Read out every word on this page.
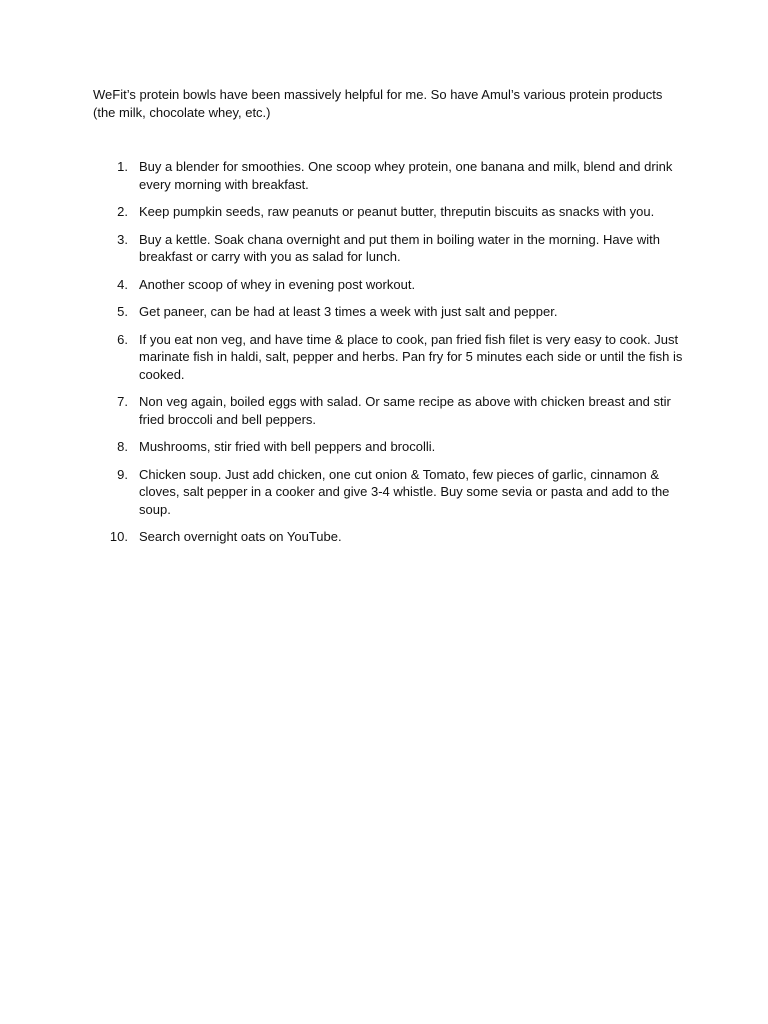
WeFit’s protein bowls have been massively helpful for me. So have Amul’s various protein products (the milk, chocolate whey, etc.)

1. Buy a blender for smoothies. One scoop whey protein, one banana and milk, blend and drink every morning with breakfast.
2. Keep pumpkin seeds, raw peanuts or peanut butter, threputin biscuits as snacks with you.
3. Buy a kettle. Soak chana overnight and put them in boiling water in the morning. Have with breakfast or carry with you as salad for lunch.
4. Another scoop of whey in evening post workout.
5. Get paneer, can be had at least 3 times a week with just salt and pepper.
6. If you eat non veg, and have time & place to cook, pan fried fish filet is very easy to cook. Just marinate fish in haldi, salt, pepper and herbs. Pan fry for 5 minutes each side or until the fish is cooked.
7. Non veg again, boiled eggs with salad. Or same recipe as above with chicken breast and stir fried broccoli and bell peppers.
8. Mushrooms, stir fried with bell peppers and brocolli.
9. Chicken soup. Just add chicken, one cut onion & Tomato, few pieces of garlic, cinnamon & cloves, salt pepper in a cooker and give 3-4 whistle. Buy some sevia or pasta and add to the soup.
10. Search overnight oats on YouTube.
